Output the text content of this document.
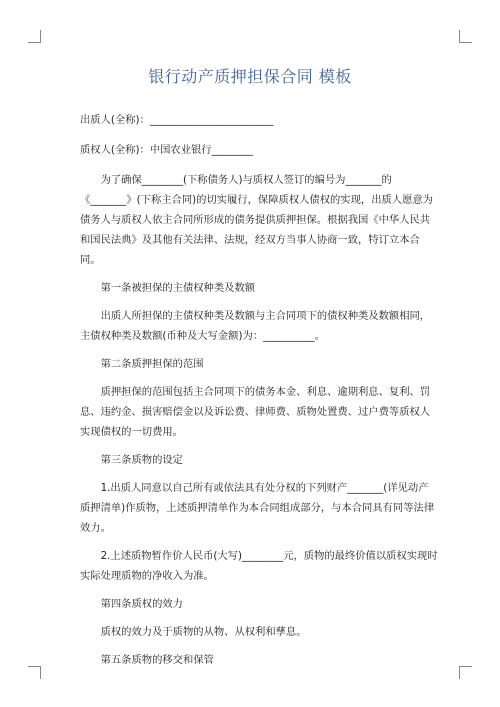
银行动产质押担保合同 模板

出质人(全称)：________________________

质权人(全称)：中国农业银行________

为了确保________(下称债务人)与质权人签订的编号为_______的《_______》(下称主合同)的切实履行，保障质权人债权的实现，出质人愿意为债务人与质权人依主合同所形成的债务提供质押担保。根据我国《中华人民共和国民法典》及其他有关法律、法规，经双方当事人协商一致，特订立本合同。

第一条被担保的主债权种类及数额

出质人所担保的主债权种类及数额与主合同项下的债权种类及数额相同，主债权种类及数额(币种及大写金额)为：__________。

第二条质押担保的范围

质押担保的范围包括主合同项下的债务本金、利息、逾期利息、复利、罚息、违约金、损害赔偿金以及诉讼费、律师费、质物处置费、过户费等质权人实现债权的一切费用。

第三条质物的设定

1.出质人同意以自己所有或依法具有处分权的下列财产_______(详见动产质押清单)作质物，上述质押清单作为本合同组成部分，与本合同具有同等法律效力。

2.上述质物暂作价人民币(大写)________元，质物的最终价值以质权实现时实际处理质物的净收入为准。

第四条质权的效力

质权的效力及于质物的从物、从权利和孳息。

第五条质物的移交和保管
